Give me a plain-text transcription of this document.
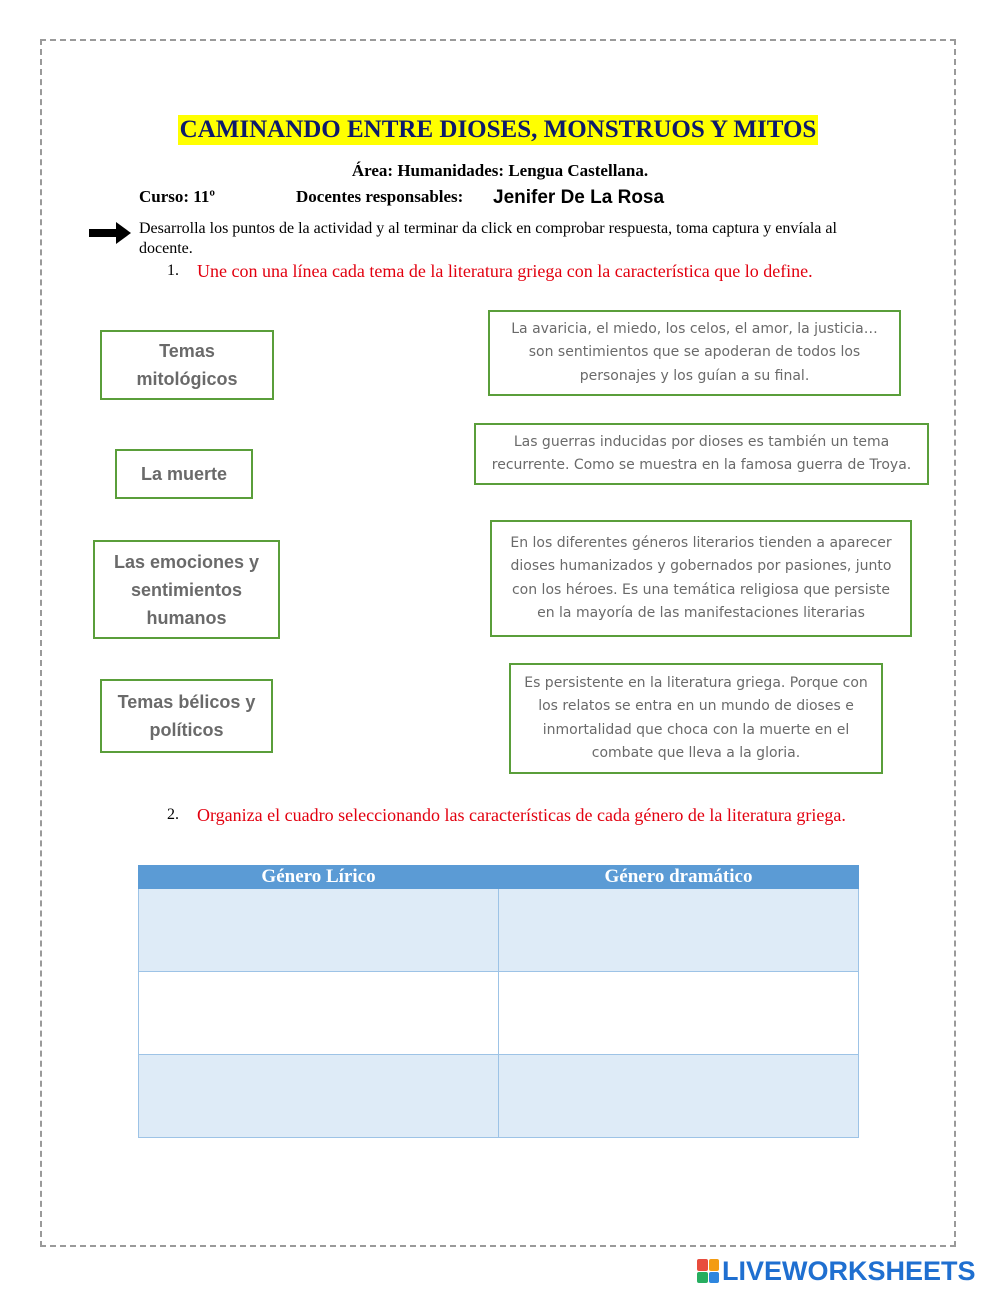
CAMINANDO ENTRE DIOSES, MONSTRUOS Y MITOS
Área: Humanidades: Lengua Castellana.
Curso: 11º	Docentes responsables: Jenifer De La Rosa
Desarrolla los puntos de la actividad y al terminar da click en comprobar respuesta, toma captura y envíala al docente.
1. Une con una línea cada tema de la literatura griega con la característica que lo define.
Temas mitológicos
La muerte
Las emociones y sentimientos humanos
Temas bélicos y políticos
La avaricia, el miedo, los celos, el amor, la justicia… son sentimientos que se apoderan de todos los personajes y los guían a su final.
Las guerras inducidas por dioses es también un tema recurrente. Como se muestra en la famosa guerra de Troya.
En los diferentes géneros literarios tienden a aparecer dioses humanizados y gobernados por pasiones, junto con los héroes. Es una temática religiosa que persiste en la mayoría de las manifestaciones literarias
Es persistente en la literatura griega. Porque con los relatos se entra en un mundo de dioses e inmortalidad que choca con la muerte en el combate que lleva a la gloria.
2. Organiza el cuadro seleccionando las características de cada género de la literatura griega.
Género Lírico	Género dramático

LIVEWORKSHEETS
